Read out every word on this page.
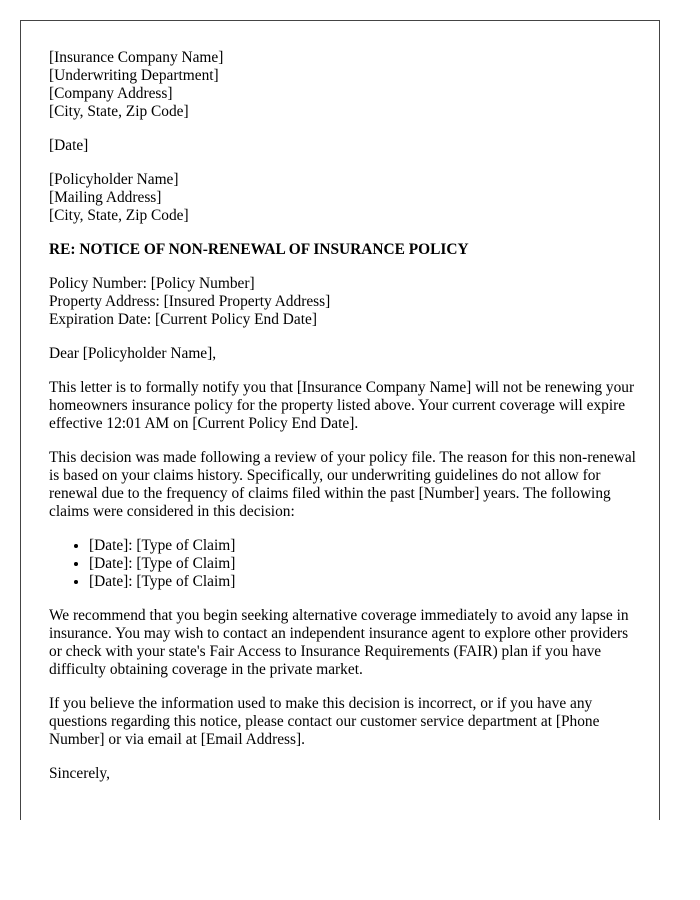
[Insurance Company Name]
[Underwriting Department]
[Company Address]
[City, State, Zip Code]
[Date]
[Policyholder Name]
[Mailing Address]
[City, State, Zip Code]
RE: NOTICE OF NON-RENEWAL OF INSURANCE POLICY
Policy Number: [Policy Number]
Property Address: [Insured Property Address]
Expiration Date: [Current Policy End Date]

Dear [Policyholder Name],

This letter is to formally notify you that [Insurance Company Name] will not be renewing your homeowners insurance policy for the property listed above. Your current coverage will expire effective 12:01 AM on [Current Policy End Date].

This decision was made following a review of your policy file. The reason for this non-renewal is based on your claims history. Specifically, our underwriting guidelines do not allow for renewal due to the frequency of claims filed within the past [Number] years. The following claims were considered in this decision:

• [Date]: [Type of Claim]
• [Date]: [Type of Claim]
• [Date]: [Type of Claim]

We recommend that you begin seeking alternative coverage immediately to avoid any lapse in insurance. You may wish to contact an independent insurance agent to explore other providers or check with your state's Fair Access to Insurance Requirements (FAIR) plan if you have difficulty obtaining coverage in the private market.

If you believe the information used to make this decision is incorrect, or if you have any questions regarding this notice, please contact our customer service department at [Phone Number] or via email at [Email Address].

Sincerely,
